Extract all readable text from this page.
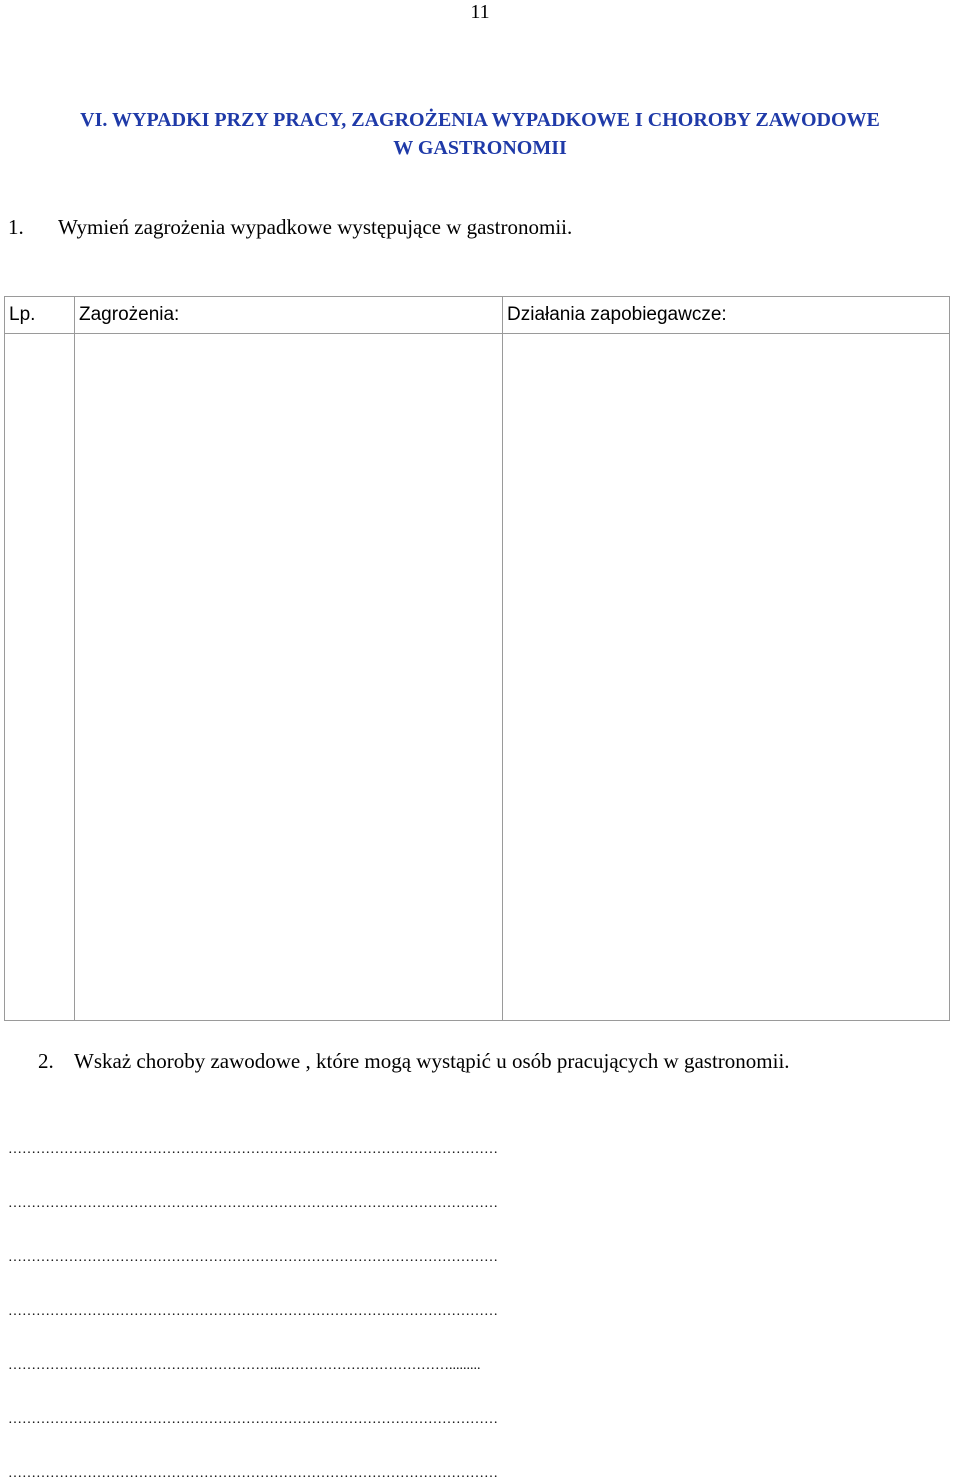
11
VI. WYPADKI PRZY PRACY, ZAGROŻENIA WYPADKOWE I CHOROBY ZAWODOWE
W GASTRONOMII
1. Wymień zagrożenia wypadkowe występujące w gastronomii.
Lp.	Zagrożenia:	Działania zapobiegawcze:

2. Wskaż choroby zawodowe , które mogą wystąpić u osób pracujących w gastronomii.
……………………………………………………………………………………………
……………………………………………………………………………………………
……………………………………………………………………………………………
……………………………………………………………………………………………
…………………………………………………..……………………………….........
……………………………………………………………………………………………
……………………………………………………………………………………………
